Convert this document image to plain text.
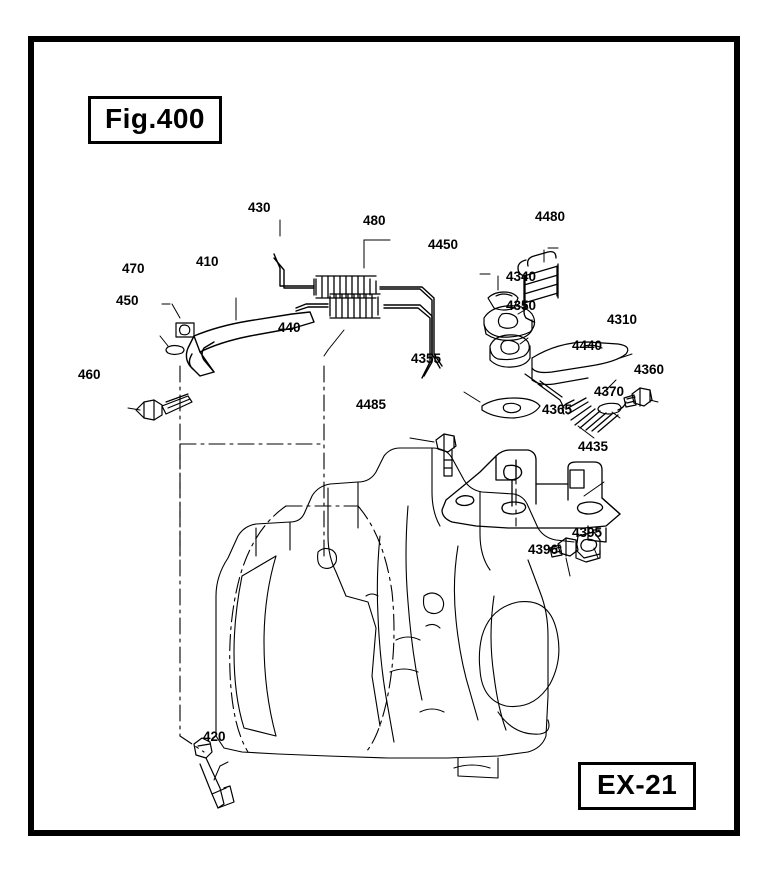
Fig.400
EX-21
430
480
4450
4480
470	410
4340
450	4350
4310
440
4355
4440
4360
460
4370
4365
4485
4435
4395
4396
420
